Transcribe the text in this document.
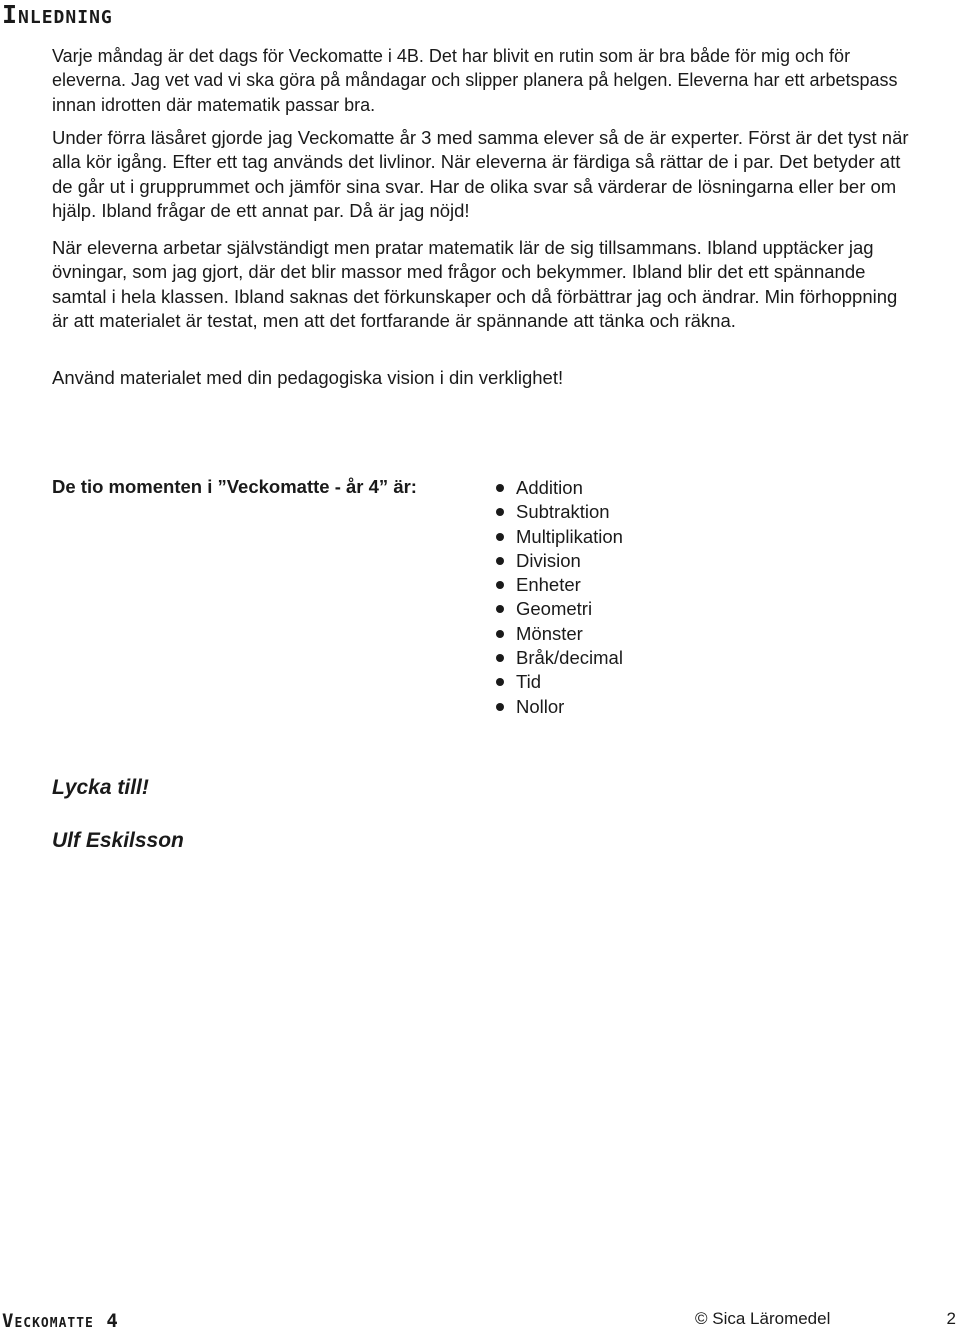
Inledning

Varje måndag är det dags för Veckomatte i 4B. Det har blivit en rutin som är bra både för mig och för eleverna. Jag vet vad vi ska göra på måndagar och slipper planera på helgen. Eleverna har ett arbetspass innan idrotten där matematik passar bra.

Under förra läsåret gjorde jag Veckomatte år 3 med samma elever så de är experter. Först är det tyst när alla kör igång. Efter ett tag används det livlinor. När eleverna är färdiga så rättar de i par. Det betyder att de går ut i grupprummet och jämför sina svar. Har de olika svar så värderar de lösningarna eller ber om hjälp. Ibland frågar de ett annat par. Då är jag nöjd!

När eleverna arbetar självständigt men pratar matematik lär de sig tillsammans. Ibland upptäcker jag övningar, som jag gjort, där det blir massor med frågor och bekymmer. Ibland blir det ett spännande samtal i hela klassen. Ibland saknas det förkunskaper och då förbättrar jag och ändrar. Min förhoppning är att materialet är testat, men att det fortfarande är spännande att tänka och räkna.

Använd materialet med din pedagogiska vision i din verklighet!

De tio momenten i ”Veckomatte - år 4” är:	Addition
Subtraktion
Multiplikation
Division
Enheter
Geometri
Mönster
Bråk/decimal
Tid
Nollor

Lycka till!

Ulf Eskilsson

Veckomatte 4	© Sica Läromedel	2
